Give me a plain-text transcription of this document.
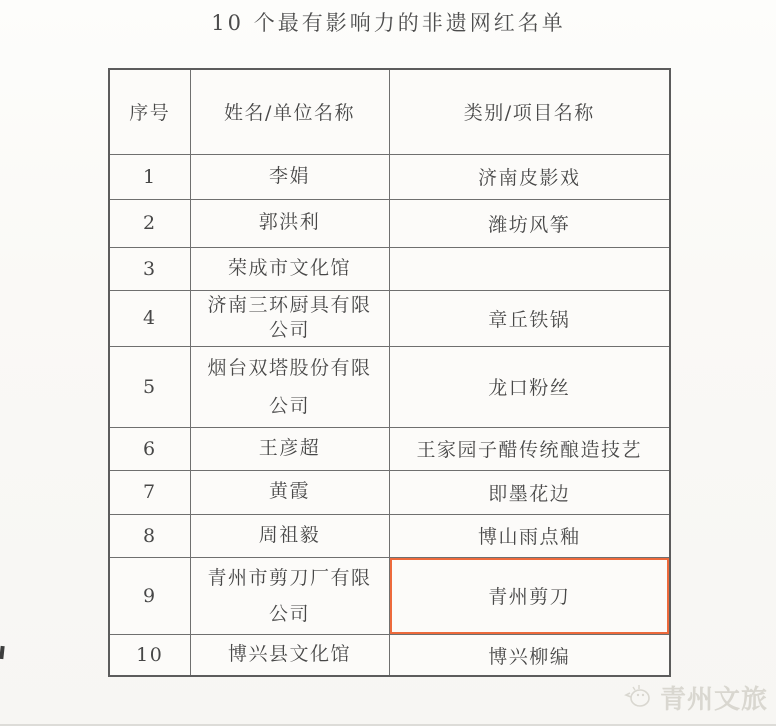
10 个最有影响力的非遗网红名单
序号	姓名/单位名称	类别/项目名称
1	李娟	济南皮影戏
2	郭洪利	潍坊风筝
3	荣成市文化馆	
4	济南三环厨具有限公司	章丘铁锅
5	烟台双塔股份有限公司	龙口粉丝
6	王彦超	王家园子醋传统酿造技艺
7	黄霞	即墨花边
8	周祖毅	博山雨点釉
9	青州市剪刀厂有限公司	青州剪刀

10	博兴县文化馆	博兴柳编
青州文旅
